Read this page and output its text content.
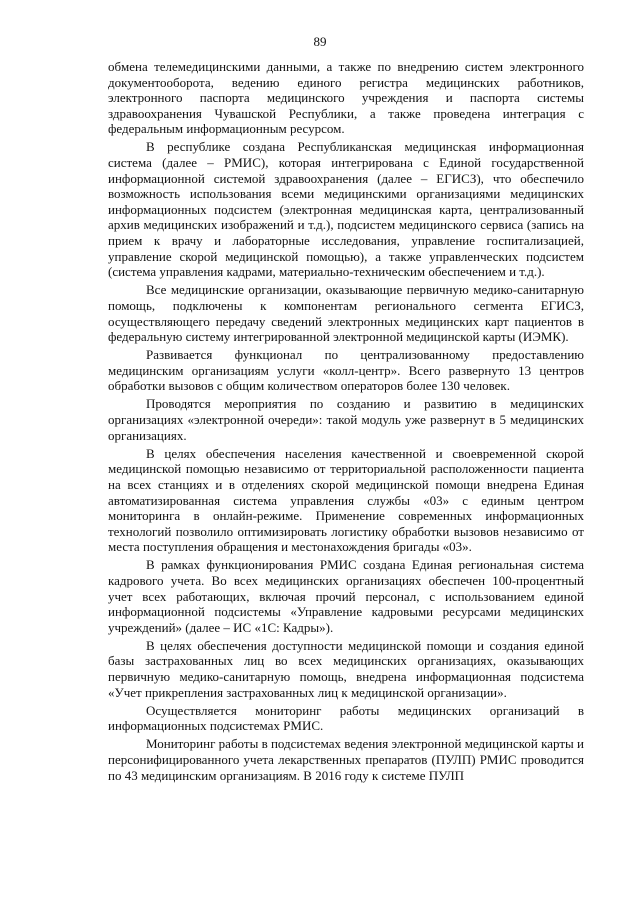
89

обмена телемедицинскими данными, а также по внедрению систем электронного документооборота, ведению единого регистра медицинских работников, электронного паспорта медицинского учреждения и паспорта системы здравоохранения Чувашской Республики, а также проведена интеграция с федеральным информационным ресурсом.

В республике создана Республиканская медицинская информационная система (далее – РМИС), которая интегрирована с Единой государственной информационной системой здравоохранения (далее – ЕГИСЗ), что обеспечило возможность использования всеми медицинскими организациями медицинских информационных подсистем (электронная медицинская карта, централизованный архив медицинских изображений и т.д.), подсистем медицинского сервиса (запись на прием к врачу и лабораторные исследования, управление госпитализацией, управление скорой медицинской помощью), а также управленческих подсистем (система управления кадрами, материально-техническим обеспечением и т.д.).

Все медицинские организации, оказывающие первичную медико-санитарную помощь, подключены к компонентам регионального сегмента ЕГИСЗ, осуществляющего передачу сведений электронных медицинских карт пациентов в федеральную систему интегрированной электронной медицинской карты (ИЭМК).

Развивается функционал по централизованному предоставлению медицинским организациям услуги «колл-центр». Всего развернуто 13 центров обработки вызовов с общим количеством операторов более 130 человек.

Проводятся мероприятия по созданию и развитию в медицинских организациях «электронной очереди»: такой модуль уже развернут в 5 медицинских организациях.

В целях обеспечения населения качественной и своевременной скорой медицинской помощью независимо от территориальной расположенности пациента на всех станциях и в отделениях скорой медицинской помощи внедрена Единая автоматизированная система управления службы «03» с единым центром мониторинга в онлайн-режиме. Применение современных информационных технологий позволило оптимизировать логистику обработки вызовов независимо от места поступления обращения и местонахождения бригады «03».

В рамках функционирования РМИС создана Единая региональная система кадрового учета. Во всех медицинских организациях обеспечен 100-процентный учет всех работающих, включая прочий персонал, с использованием единой информационной подсистемы «Управление кадровыми ресурсами медицинских учреждений» (далее – ИС «1С: Кадры»).

В целях обеспечения доступности медицинской помощи и создания единой базы застрахованных лиц во всех медицинских организациях, оказывающих первичную медико-санитарную помощь, внедрена информационная подсистема «Учет прикрепления застрахованных лиц к медицинской организации».

Осуществляется мониторинг работы медицинских организаций в информационных подсистемах РМИС.

Мониторинг работы в подсистемах ведения электронной медицинской карты и персонифицированного учета лекарственных препаратов (ПУЛП) РМИС проводится по 43 медицинским организациям. В 2016 году к системе ПУЛП
